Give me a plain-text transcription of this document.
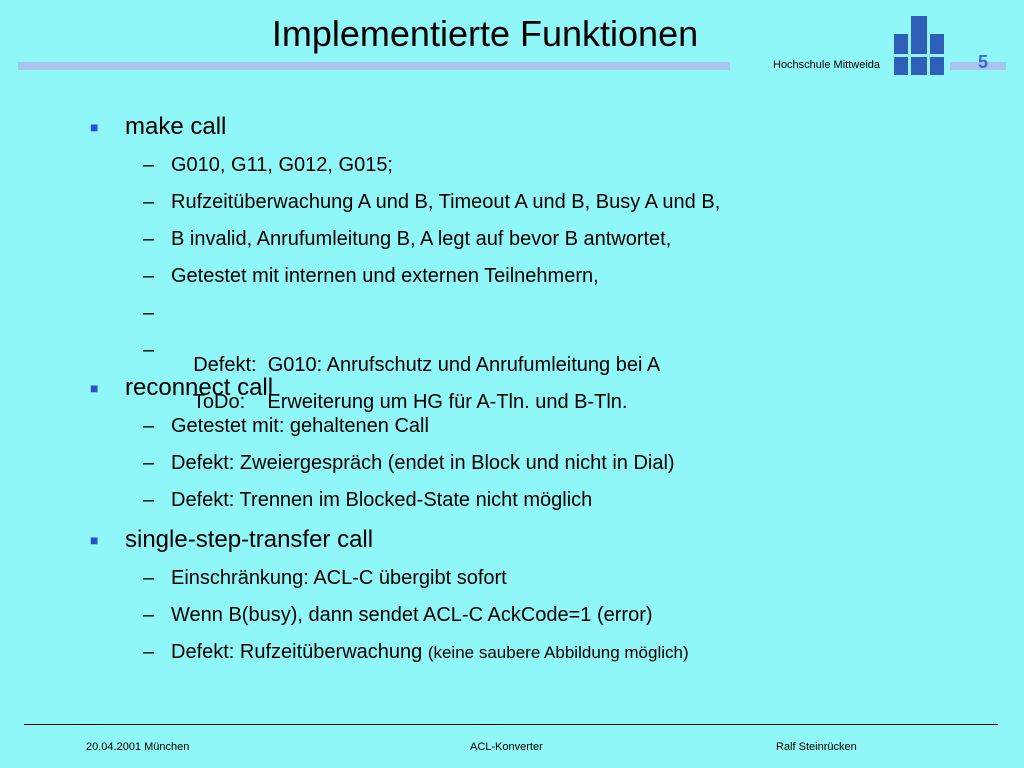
Implementierte Funktionen
Hochschule Mittweida	5
■ make call
– G010, G11, G012, G015;
– Rufzeitüberwachung A und B, Timeout A und B, Busy A und B,
– B invalid, Anrufumleitung B, A legt auf bevor B antwortet,
– Getestet mit internen und externen Teilnehmern,

–

Defekt:  G010: Anrufschutz und Anrufumleitung bei A

–

ToDo:    Erweiterung um HG für A-Tln. und B-Tln.

■ reconnect call
– Getestet mit: gehaltenen Call
– Defekt: Zweiergespräch (endet in Block und nicht in Dial)
– Defekt: Trennen im Blocked-State nicht möglich
■ single-step-transfer call
– Einschränkung: ACL-C übergibt sofort
– Wenn B(busy), dann sendet ACL-C AckCode=1 (error)
– Defekt: Rufzeitüberwachung (keine saubere Abbildung möglich)
20.04.2001 München	ACL-Konverter	Ralf Steinrücken
